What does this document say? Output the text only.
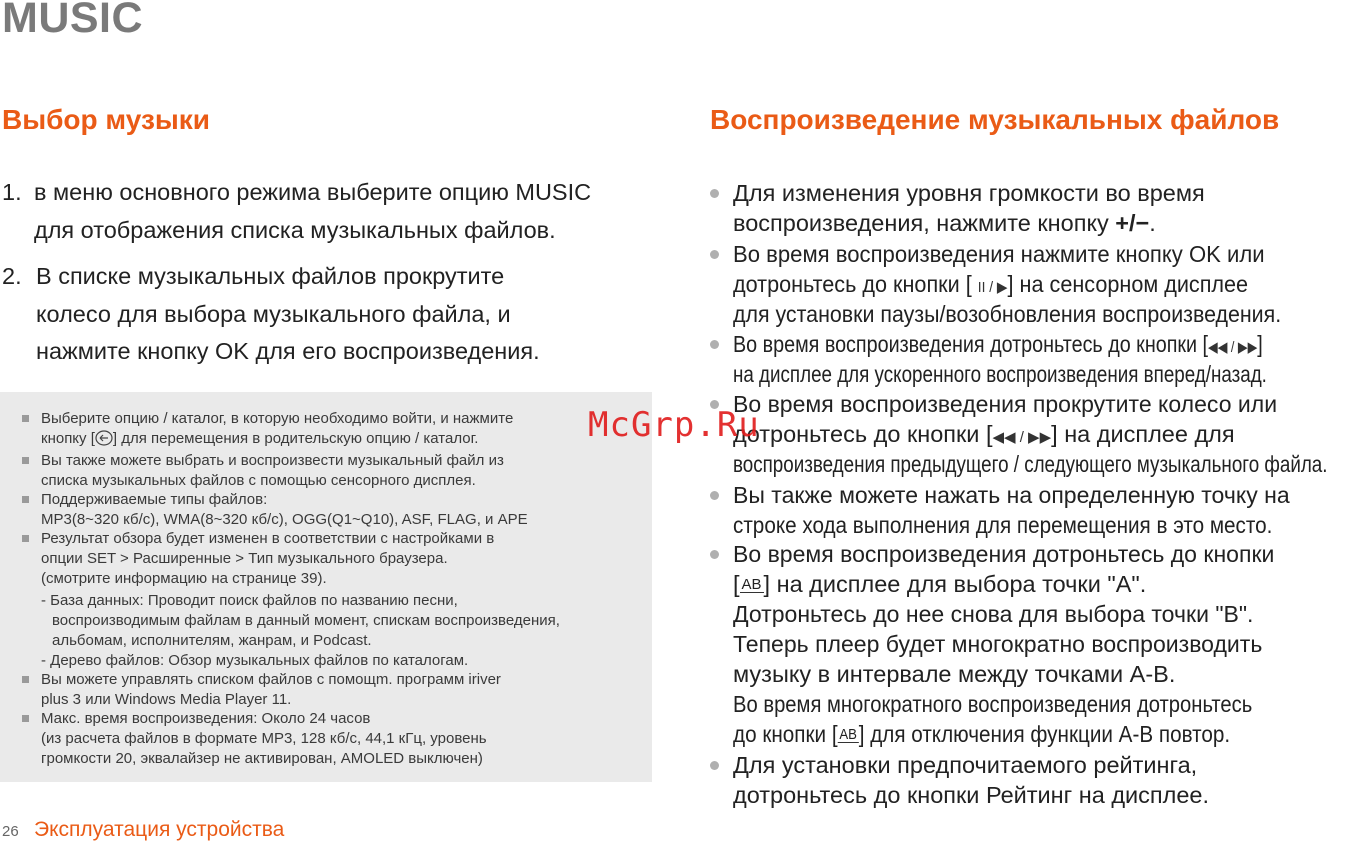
MUSIC
Выбор музыки
1. в меню основного режима выберите опцию MUSIC
для отображения списка музыкальных файлов.
2. В списке музыкальных файлов прокрутите
колесо для выбора музыкального файла, и
нажмите кнопку OK для его воспроизведения.
Выберите опцию / каталог, в которую необходимо войти, и нажмите
кнопку [ ] для перемещения в родительскую опцию / каталог.
Вы также можете выбрать и воспроизвести музыкальный файл из
списка музыкальных файлов с помощью сенсорного дисплея.
Поддерживаемые типы файлов:
MP3(8~320 кб/с), WMA(8~320 кб/с), OGG(Q1~Q10), ASF, FLAG, и APE
Результат обзора будет изменен в соответствии с настройками в
опции SET > Расширенные > Тип музыкального браузера.
(смотрите информацию на странице 39).
- База данных: Проводит поиск файлов по названию песни,
воспроизводимым файлам в данный момент, спискам воспроизведения,
альбомам, исполнителям, жанрам, и Podcast.
- Дерево файлов: Обзор музыкальных файлов по каталогам.
Вы можете управлять списком файлов с помощm. программ iriver
plus 3 или Windows Media Player 11.
Макс. время воспроизведения: Около 24 часов
(из расчета файлов в формате MP3, 128 кб/с, 44,1 кГц, уровень
громкости 20, эквалайзер не активирован, AMOLED выключен)
Воспроизведение музыкальных файлов
Для изменения уровня громкости во время
воспроизведения, нажмите кнопку +/−.
Во время воспроизведения нажмите кнопку OK или
дотроньтесь до кнопки [ II / ▶] на сенсорном дисплее
для установки паузы/возобновления воспроизведения.
Во время воспроизведения дотроньтесь до кнопки [◀◀ / ▶▶]
на дисплее для ускоренного воспроизведения вперед/назад.
Во время воспроизведения прокрутите колесо или
дотроньтесь до кнопки [◀◀ / ▶▶] на дисплее для
воспроизведения предыдущего / следующего музыкального файла.
Вы также можете нажать на определенную точку на
строке хода выполнения для перемещения в это место.
Во время воспроизведения дотроньтесь до кнопки
[ AB] на дисплее для выбора точки "A".
Дотроньтесь до нее снова для выбора точки "B".
Теперь плеер будет многократно воспроизводить
музыку в интервале между точками A-B.
Во время многократного воспроизведения дотроньтесь
до кнопки [ AB] для отключения функции A-B повтор.
Для установки предпочитаемого рейтинга,
дотроньтесь до кнопки Рейтинг на дисплее.
26 Эксплуатация устройства
McGrp.Ru
